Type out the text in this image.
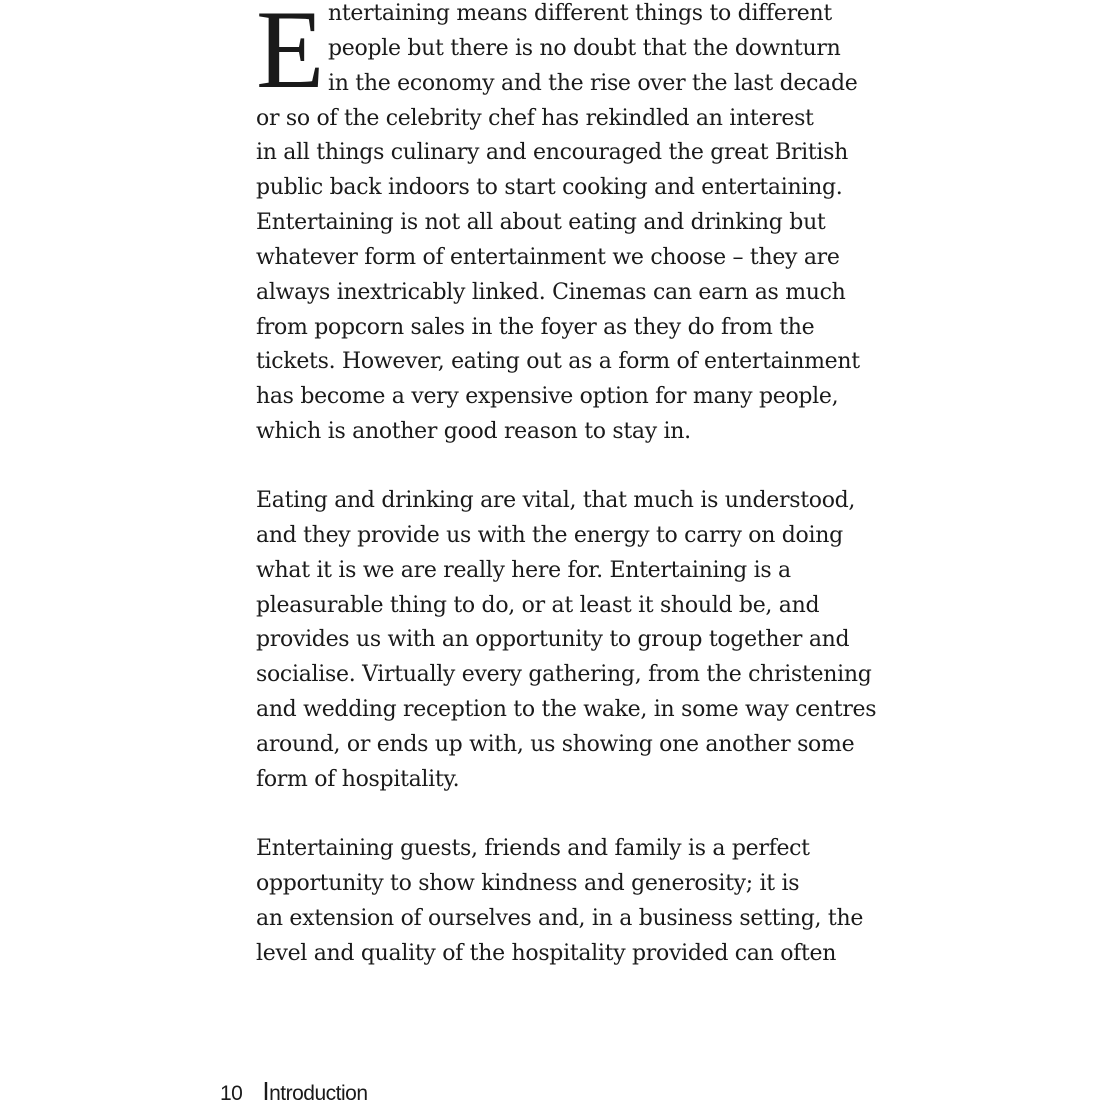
E ntertaining means different things to different
people but there is no doubt that the downturn
in the economy and the rise over the last decade
or so of the celebrity chef has rekindled an interest
in all things culinary and encouraged the great British
public back indoors to start cooking and entertaining.
Entertaining is not all about eating and drinking but
whatever form of entertainment we choose – they are
always inextricably linked. Cinemas can earn as much
from popcorn sales in the foyer as they do from the
tickets. However, eating out as a form of entertainment
has become a very expensive option for many people,
which is another good reason to stay in.
Eating and drinking are vital, that much is understood,
and they provide us with the energy to carry on doing
what it is we are really here for. Entertaining is a
pleasurable thing to do, or at least it should be, and
provides us with an opportunity to group together and
socialise. Virtually every gathering, from the christening
and wedding reception to the wake, in some way centres
around, or ends up with, us showing one another some
form of hospitality.
Entertaining guests, friends and family is a perfect
opportunity to show kindness and generosity; it is
an extension of ourselves and, in a business setting, the
level and quality of the hospitality provided can often
10 Introduction
